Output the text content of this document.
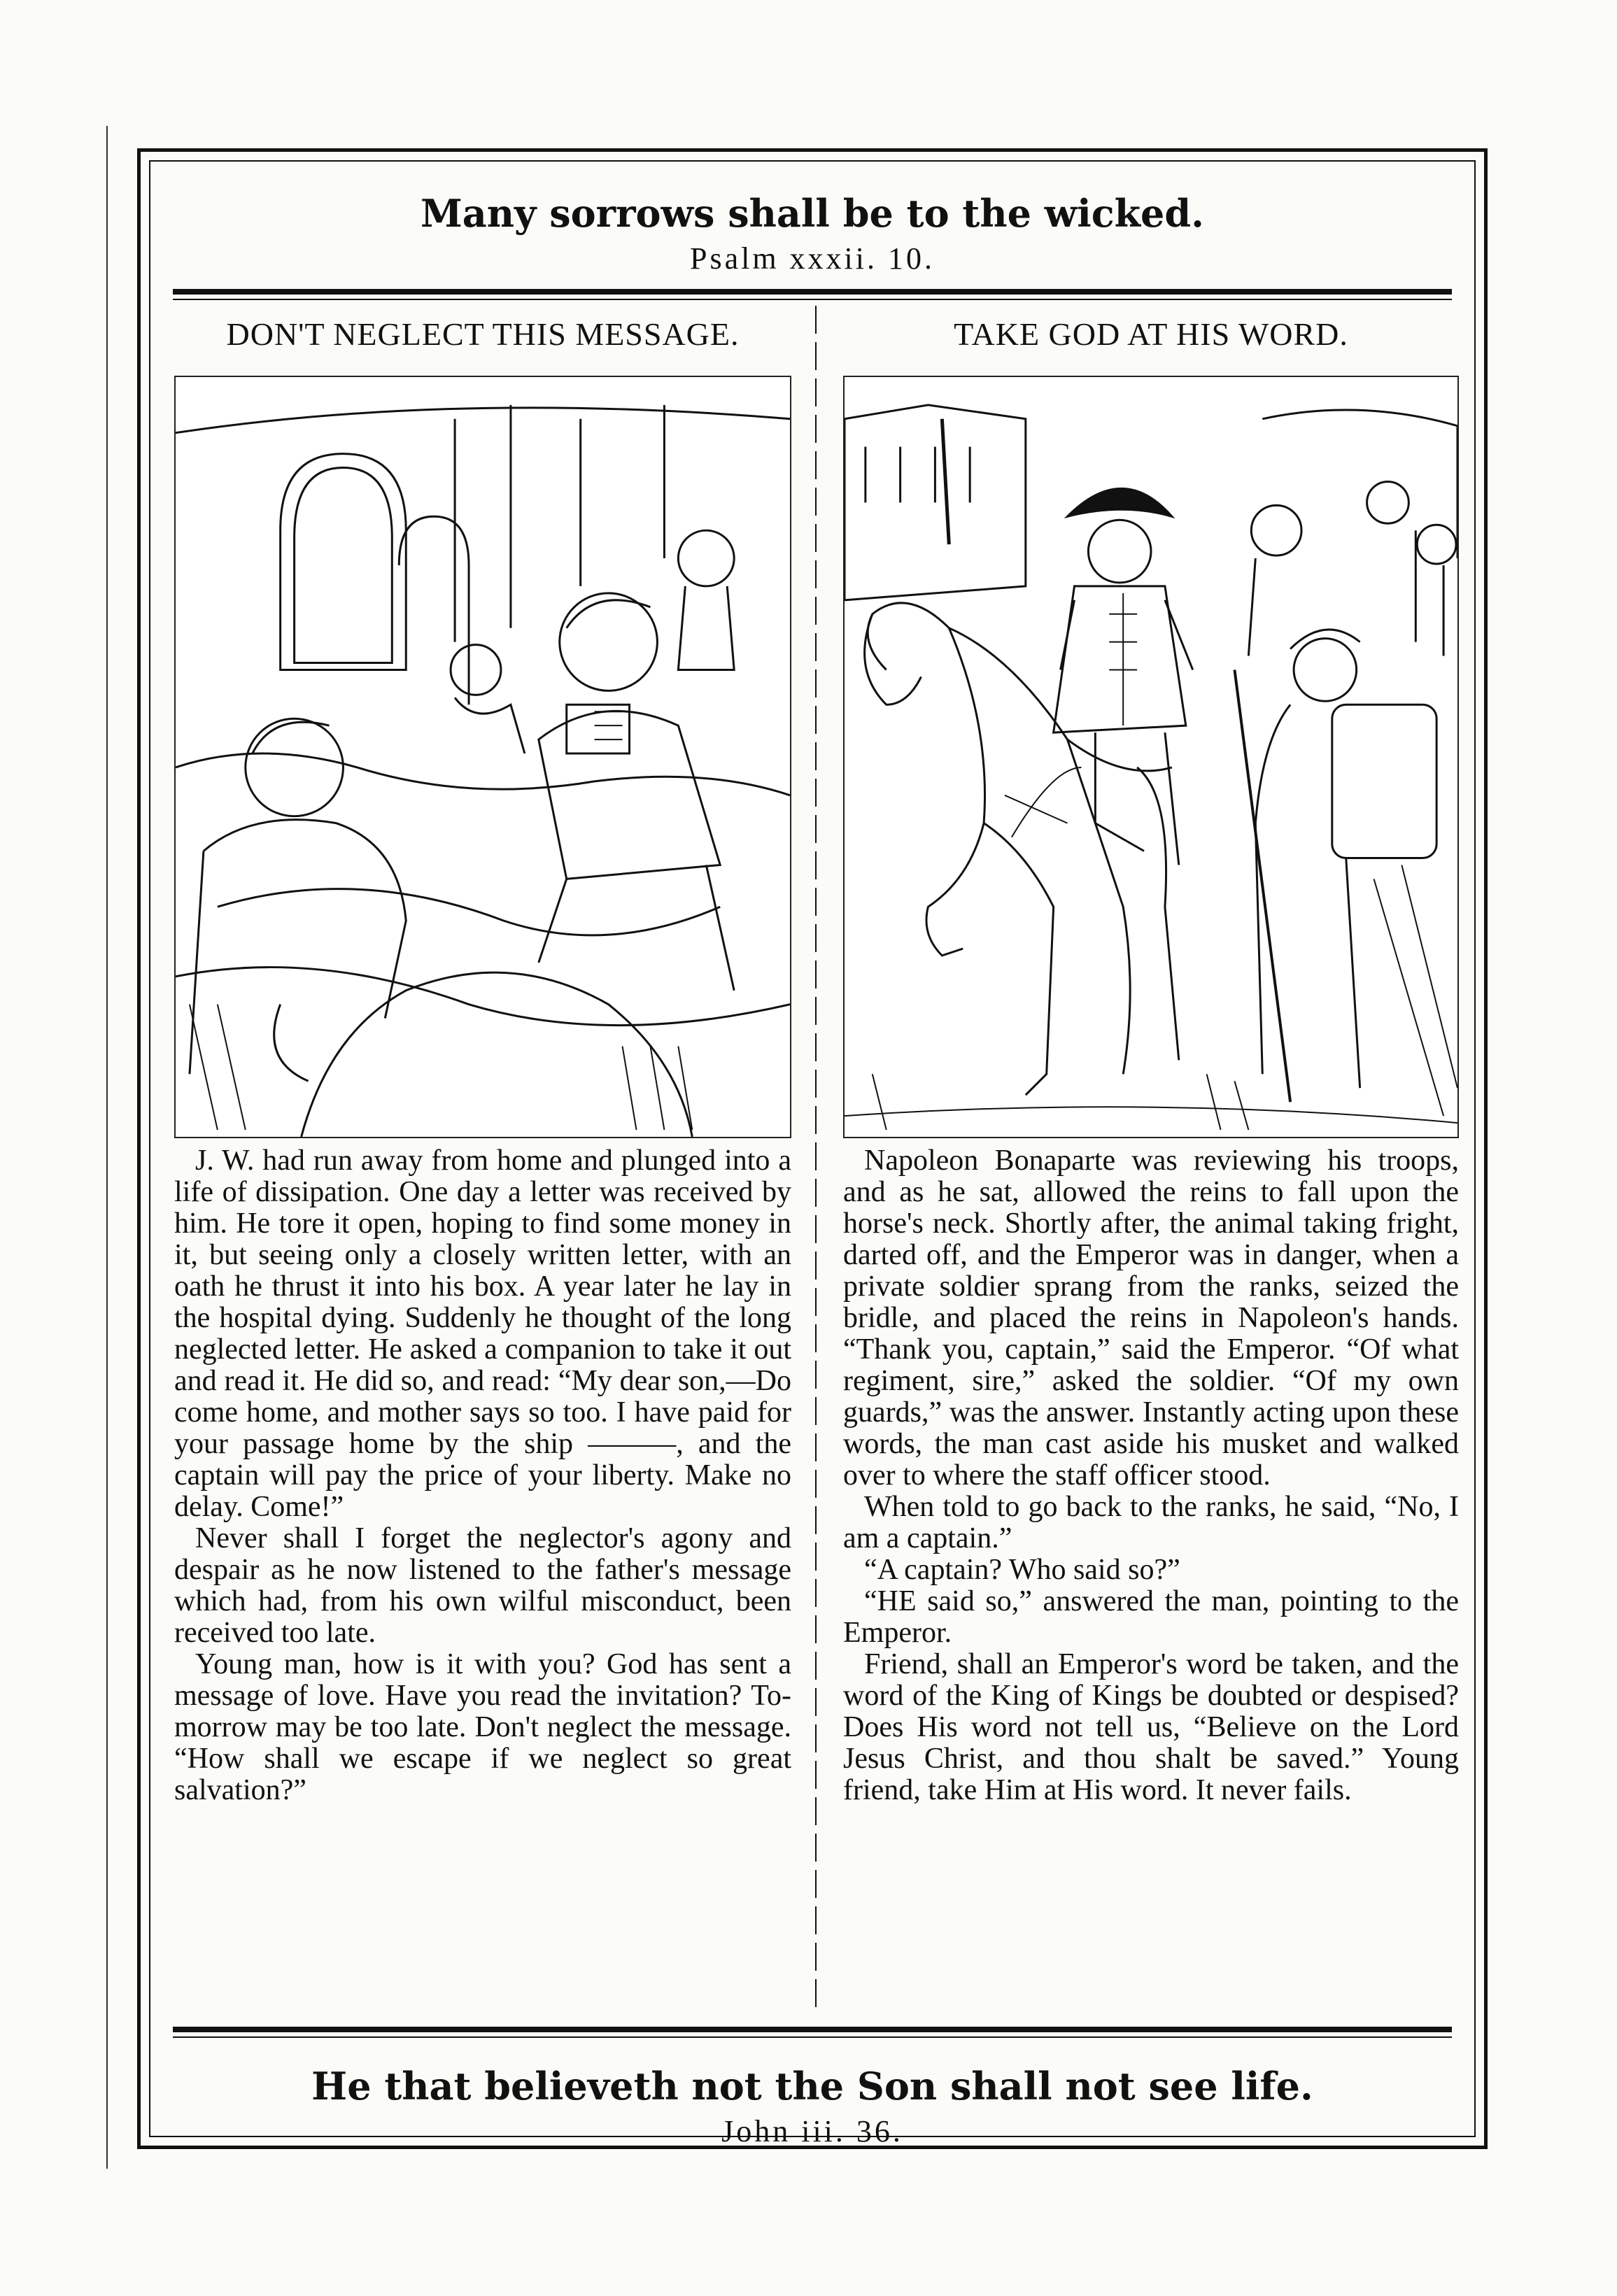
Many sorrows shall be to the wicked.
Psalm xxxii. 10.
DON'T NEGLECT THIS MESSAGE.

J. W. had run away from home and plunged into a life of dissipation. One day a letter was received by him. He tore it open, hoping to find some money in it, but seeing only a closely written letter, with an oath he thrust it into his box. A year later he lay in the hospital dying. Suddenly he thought of the long neglected letter. He asked a companion to take it out and read it. He did so, and read: “My dear son,—Do come home, and mother says so too. I have paid for your passage home by the ship ———, and the captain will pay the price of your liberty. Make no delay. Come!”

Never shall I forget the neglector's agony and despair as he now listened to the father's message which had, from his own wilful misconduct, been received too late.

Young man, how is it with you? God has sent a message of love. Have you read the invitation? To-morrow may be too late. Don't neglect the message. “How shall we escape if we neglect so great salvation?”

TAKE GOD AT HIS WORD.

Napoleon Bonaparte was reviewing his troops, and as he sat, allowed the reins to fall upon the horse's neck. Shortly after, the animal taking fright, darted off, and the Emperor was in danger, when a private soldier sprang from the ranks, seized the bridle, and placed the reins in Napoleon's hands. “Thank you, captain,” said the Emperor. “Of what regiment, sire,” asked the soldier. “Of my own guards,” was the answer. Instantly acting upon these words, the man cast aside his musket and walked over to where the staff officer stood.

When told to go back to the ranks, he said, “No, I am a captain.”

“A captain? Who said so?”

“HE said so,” answered the man, pointing to the Emperor.

Friend, shall an Emperor's word be taken, and the word of the King of Kings be doubted or despised? Does His word not tell us, “Believe on the Lord Jesus Christ, and thou shalt be saved.” Young friend, take Him at His word. It never fails.

He that believeth not the Son shall not see life.
John iii. 36.
